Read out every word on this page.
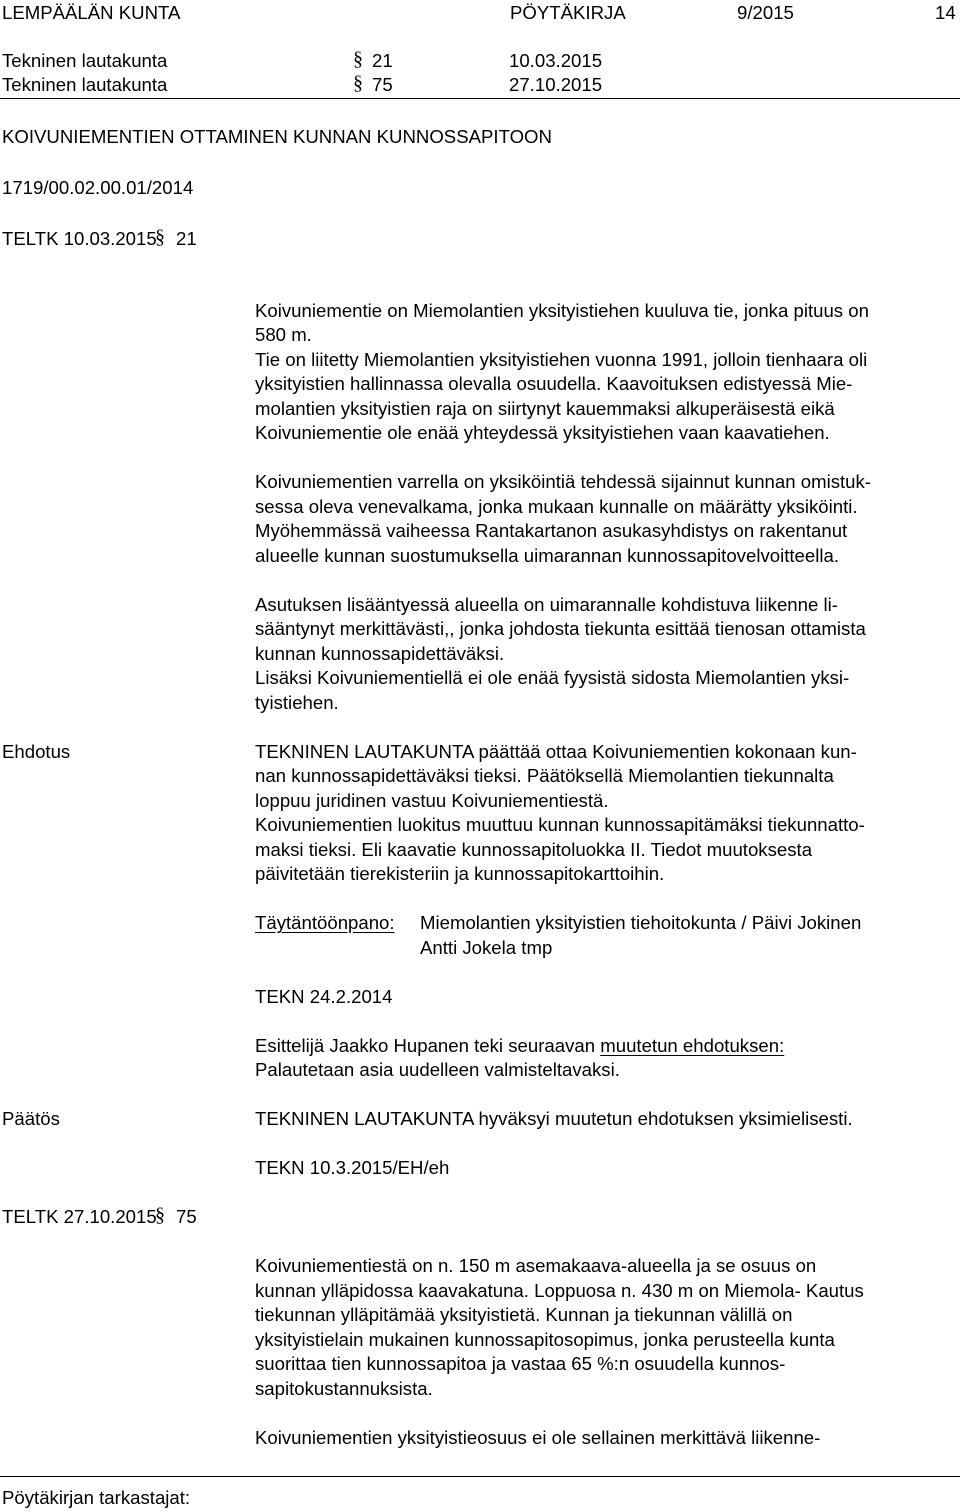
LEMPÄÄLÄN KUNTA	PÖYTÄKIRJA	9/2015	14
Tekninen lautakunta	§ 21	10.03.2015
Tekninen lautakunta	§ 75	27.10.2015
KOIVUNIEMENTIEN OTTAMINEN KUNNAN KUNNOSSAPITOON
1719/00.02.00.01/2014
TELTK 10.03.2015
§ 21
Koivuniementie on Miemolantien yksityistiehen kuuluva tie, jonka pituus on
580 m.
Tie on liitetty Miemolantien yksityistiehen vuonna 1991, jolloin tienhaara oli
yksityistien hallinnassa olevalla osuudella. Kaavoituksen edistyessä Mie-
molantien yksityistien raja on siirtynyt kauemmaksi alkuperäisestä eikä
Koivuniementie ole enää yhteydessä yksityistiehen vaan kaavatiehen.
Koivuniementien varrella on yksiköintiä tehdessä sijainnut kunnan omistuk-
sessa oleva venevalkama, jonka mukaan kunnalle on määrätty yksiköinti.
Myöhemmässä vaiheessa Rantakartanon asukasyhdistys on rakentanut
alueelle kunnan suostumuksella uimarannan kunnossapitovelvoitteella.
Asutuksen lisääntyessä alueella on uimarannalle kohdistuva liikenne li-
sääntynyt merkittävästi,, jonka johdosta tiekunta esittää tienosan ottamista
kunnan kunnossapidettäväksi.
Lisäksi Koivuniementiellä ei ole enää fyysistä sidosta Miemolantien yksi-
tyistiehen.
Ehdotus	TEKNINEN LAUTAKUNTA päättää ottaa Koivuniementien kokonaan kun-
nan kunnossapidettäväksi tieksi. Päätöksellä Miemolantien tiekunnalta
loppuu juridinen vastuu Koivuniementiestä.
Koivuniementien luokitus muuttuu kunnan kunnossapitämäksi tiekunnatto-
maksi tieksi. Eli kaavatie kunnossapitoluokka II. Tiedot muutoksesta
päivitetään tierekisteriin ja kunnossapitokarttoihin.
Täytäntöönpano: Miemolantien yksityistien tiehoitokunta / Päivi Jokinen
Antti Jokela tmp
TEKN 24.2.2014
Esittelijä Jaakko Hupanen teki seuraavan muutetun ehdotuksen:
Palautetaan asia uudelleen valmisteltavaksi.
Päätös	TEKNINEN LAUTAKUNTA hyväksyi muutetun ehdotuksen yksimielisesti.
TEKN 10.3.2015/EH/eh
TELTK 27.10.2015
§ 75
Koivuniementiestä on n. 150 m asemakaava-alueella ja se osuus on
kunnan ylläpidossa kaavakatuna. Loppuosa n. 430 m on Miemola- Kautus
tiekunnan ylläpitämää yksityistietä. Kunnan ja tiekunnan välillä on
yksityistielain mukainen kunnossapitosopimus, jonka perusteella kunta
suorittaa tien kunnossapitoa ja vastaa 65 %:n osuudella kunnos-
sapitokustannuksista.
Koivuniementien yksityistieosuus ei ole sellainen merkittävä liikenne-
Pöytäkirjan tarkastajat:
